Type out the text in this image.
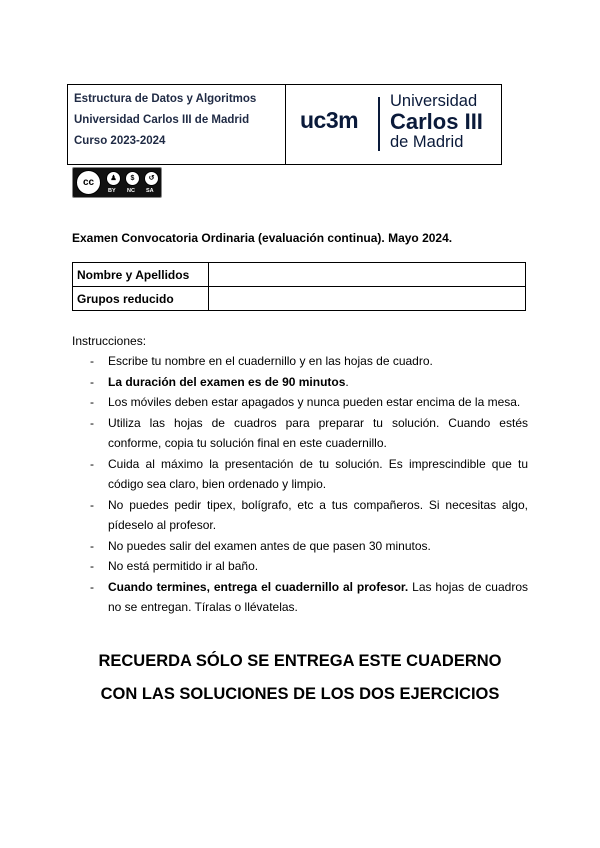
Estructura de Datos y Algoritmos
Universidad Carlos III de Madrid
Curso 2023-2024
uc3m
Universidad
Carlos III
de Madrid
cc	♟	$	↺
BY NC SA
Examen Convocatoria Ordinaria (evaluación continua). Mayo 2024.
Nombre y Apellidos	
Grupos reducido	
Instrucciones:
- Escribe tu nombre en el cuadernillo y en las hojas de cuadro.
- La duración del examen es de 90 minutos.
- Los móviles deben estar apagados y nunca pueden estar encima de la mesa.
- Utiliza las hojas de cuadros para preparar tu solución. Cuando estés conforme, copia tu solución final en este cuadernillo.
- Cuida al máximo la presentación de tu solución. Es imprescindible que tu código sea claro, bien ordenado y limpio.
- No puedes pedir tipex, bolígrafo, etc a tus compañeros. Si necesitas algo, pídeselo al profesor.
- No puedes salir del examen antes de que pasen 30 minutos.
- No está permitido ir al baño.
- Cuando termines, entrega el cuadernillo al profesor. Las hojas de cuadros no se entregan. Tíralas o llévatelas.
RECUERDA SÓLO SE ENTREGA ESTE CUADERNO
CON LAS SOLUCIONES DE LOS DOS EJERCICIOS
